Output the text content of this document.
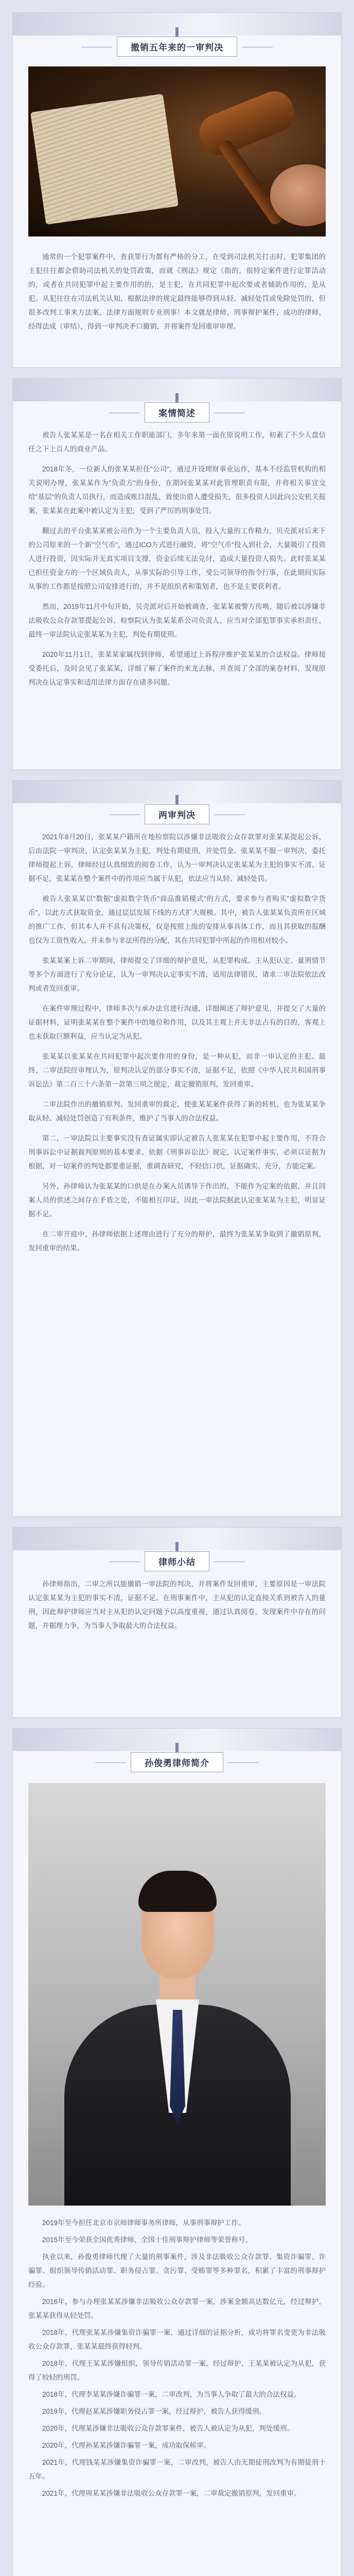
撤销五年来的一审判决

通常的一个犯罪案件中，查获罪行为都有严格的分工，在受到司法机关打击时，犯罪集团的主犯往往都会借助司法机关的处罚政策，而就《刑法》规定（指的，很特定案件进行定罪活动的，或者在共同犯罪中起主要作用的的，是主犯，在共同犯罪中起次要或者辅助作用的，是从犯。从犯往往在司法机关认知，根据法律的规定最终能够得到从轻、减轻处罚或免除处罚的，但很多改判工事来方法案，法律方面规则专业刑事！本文就是律师，刑事辩护案件，成功的律师，经得法成（审结），得到一审判决矛口撤销，并将案件发回重审审理。

案情简述

被告人张某某是一名在相关工作职能部门，多年来第一面在原说明工作，初素了不少人盘信任之下上百人的商业产品。

2018年冬，一位新人的张某某担任"公司"，通过开设理财事业运作，基本不经监管机构的相关说明办理，张某某作为"负责方"的身份，在期间张某某对此管理职责有限，并将相关事宜交给"基层"的负责人员执行，而造成账目混乱，致使出借人遭受损失，很多投资人因此向公安机关报案，张某某在此案中被认定为主犯，受到了严厉的刑事处罚。

翻过去的平台张某某被公司作为一个主要负责人员，投入大量的工作精力，贝壳派对后来下的公司原来的一个新"空气币"，通过ICO方式进行融资，将"空气币"投入到社会，大量吸引了投资人进行投资，因实际并无真实项目支撑，资金后续无法兑付，造成大量投资人损失。此时张某某已担任资金方的一个区域负责人，从事实际的引导工作，受公司领导的指令行事，在此期间实际从事的工作都是按照公司安排进行的，并不是组织者和策划者，也不是主要获利者。

然而，2019年11月中旬开始，贝壳派对后开始被调查，张某某被警方传唤，随后被以涉嫌非法吸收公众存款罪提起公诉，检察院认为张某某系公司负责人，应当对全部犯罪事实承担责任，最终一审法院认定张某某为主犯，判处有期徒刑。

2020年11月1日，张某某家属找到律师，希望通过上诉程序维护张某某的合法权益。律师接受委托后，及时会见了张某某，详细了解了案件的来龙去脉，并查阅了全部的案卷材料，发现原判决在认定事实和适用法律方面存在诸多问题。

两审判决

2021年8月20日，张某某户籍所在地检察院以涉嫌非法吸收公众存款罪对张某某提起公诉，后由法院一审判决，认定张某某为主犯，判处有期徒刑，并处罚金。张某某不服一审判决，委托律师提起上诉，律师经过认真细致的阅卷工作，认为一审判决认定张某某为主犯的事实不清、证据不足，张某某在整个案件中的作用应当属于从犯，依法应当从轻、减轻处罚。

被告人张某某以"数据"虚拟数字货币"商品推销模式"的方式，要求参与者购买"虚拟数字货币"，以此方式获取资金，通过层层发展下线的方式扩大规模。其中，被告人张某某负责所在区域的推广工作，但其本人并不具有决策权，仅是按照上级的安排从事具体工作，而且其获取的报酬也仅为工资性收入，并未参与非法所得的分配，其在共同犯罪中所起的作用相对较小。

张某某案上诉二审期间，律师提交了详细的辩护意见，从犯罪构成、主从犯认定、量刑情节等多个方面进行了充分论证，认为一审判决认定事实不清，适用法律错误，请求二审法院依法改判或者发回重审。

在案件审理过程中，律师多次与承办法官进行沟通，详细阐述了辩护意见，并提交了大量的证据材料，证明张某某在整个案件中的地位和作用，以及其主观上并无非法占有的目的，客观上也未获取巨额利益，应当认定为从犯。

张某某以张某某在共同犯罪中起次要作用的身份，是一种从犯，而非一审认定的主犯。最终，二审法院经审理认为，原判决认定的部分事实不清，证据不足，依照《中华人民共和国刑事诉讼法》第二百三十六条第一款第三项之规定，裁定撤销原判，发回重审。

二审法院作出的撤销原判、发回重审的裁定，使张某某案件获得了新的转机，也为张某某争取从轻、减轻处罚创造了有利条件，维护了当事人的合法权益。

第二，一审法院以主要事实没有查证属实即认定被告人张某某在犯罪中起主要作用，不符合刑事诉讼中证据裁判原则的基本要求，依据《刑事诉讼法》规定，认定案件事实，必须以证据为根据，对一切案件的判处都要重证据，重调查研究，不轻信口供，证据确实、充分，方能定案。

另外，孙律师认为张某某的口供是在办案人员诱导下作出的，不能作为定案的依据，并且同案人员的供述之间存在矛盾之处，不能相互印证，因此一审法院据此认定张某某为主犯，明显证据不足。

在二审开庭中，孙律师依据上述理由进行了充分的辩护，最终为张某某争取到了撤销原判，发回重审的结果。

律师小结

孙律师指出，二审之所以能撤销一审法院的判决，并将案件发回重审，主要原因是一审法院认定张某某为主犯的事实不清，证据不足。在刑事案件中，主从犯的认定直接关系到被告人的量刑，因此辩护律师应当对主从犯的认定问题予以高度重视，通过认真阅卷，发现案件中存在的问题，并据理力争，为当事人争取最大的合法权益。

孙俊勇律师简介

2019年至今担任北京市京师律师事务所律师，从事刑事辩护工作。

2015年至今荣获全国优秀律师、全国十佳刑事辩护律师等荣誉称号。

执业以来，孙俊勇律师代理了大量的刑事案件，涉及非法吸收公众存款罪、集资诈骗罪、诈骗罪、组织领导传销活动罪、职务侵占罪、贪污罪、受贿罪等多种罪名，积累了丰富的刑事辩护经验。

2016年，参与办理张某某涉嫌非法吸收公众存款罪一案，涉案金额高达数亿元，经过辩护，张某某获得从轻处罚。

2018年，代理张某某涉嫌集资诈骗罪一案，通过详细的证据分析，成功将罪名变更为非法吸收公众存款罪，张某某最终获得轻判。

2018年，代理王某某涉嫌组织、领导传销活动罪一案，经过辩护，王某某被认定为从犯，获得了较轻的刑罚。

2018年，代理李某某涉嫌诈骗罪一案，二审改判，为当事人争取了最大的合法权益。

2019年，代理赵某某涉嫌职务侵占罪一案，经过辩护，被告人获得缓刑。

2020年，代理某涉嫌非法吸收公众存款罪案件，被告人被认定为从犯，判处缓刑。

2020年，代理孙某某涉嫌诈骗罪一案，成功取保候审。

2021年，代理钱某某涉嫌集资诈骗罪一案，二审改判，被告人由无期徒刑改判为有期徒刑十五年。

2021年，代理周某某涉嫌非法吸收公众存款罪一案，二审裁定撤销原判，发回重审。
